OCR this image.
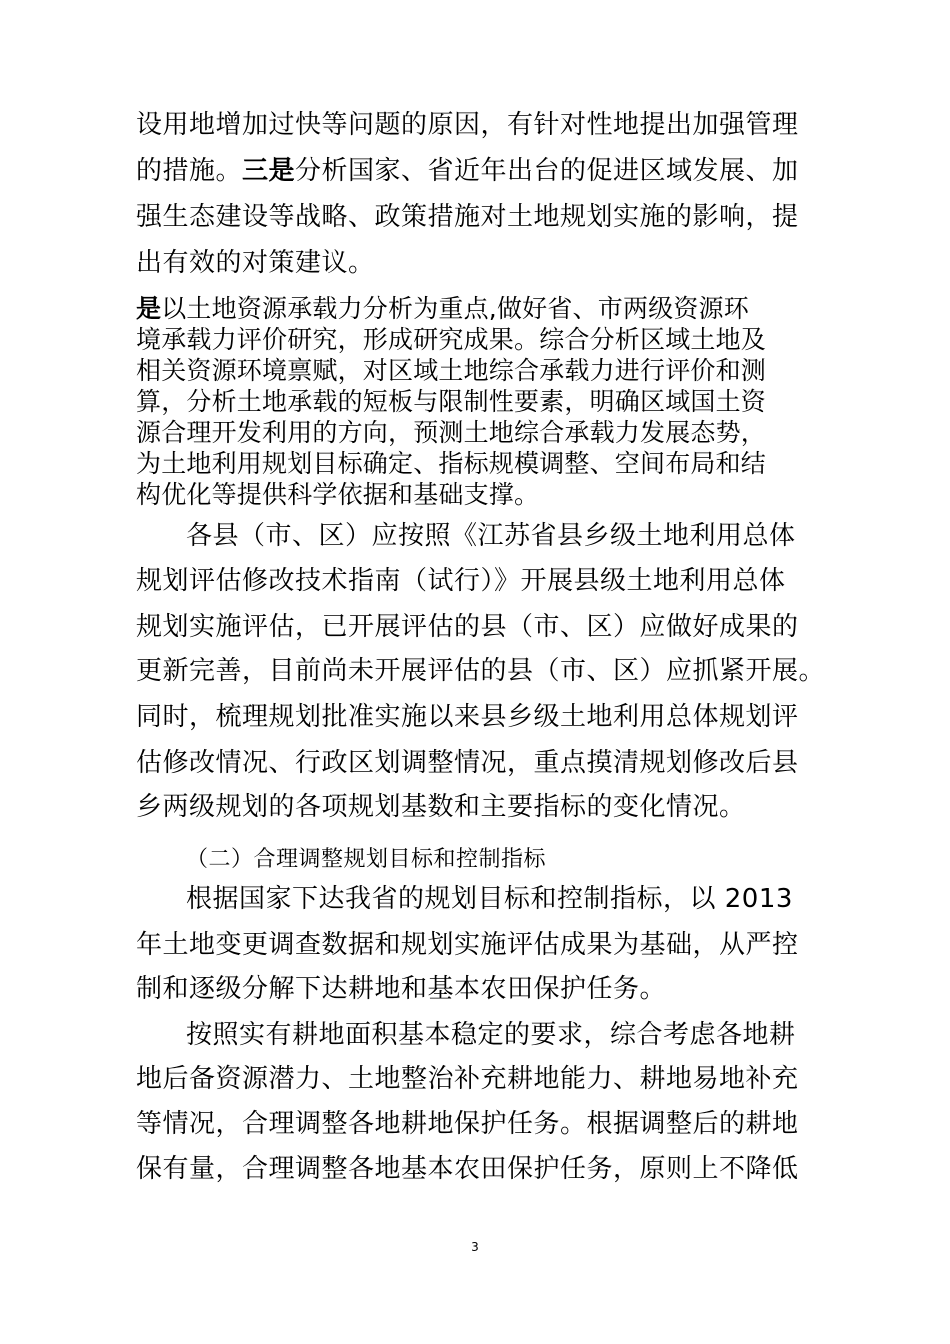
设用地增加过快等问题的原因，有针对性地提出加强管理
的措施。三是分析国家、省近年出台的促进区域发展、加
强生态建设等战略、政策措施对土地规划实施的影响，提
出有效的对策建议。
是以土地资源承载力分析为重点,做好省、市两级资源环
境承载力评价研究，形成研究成果。综合分析区域土地及
相关资源环境禀赋，对区域土地综合承载力进行评价和测
算，分析土地承载的短板与限制性要素，明确区域国土资
源合理开发利用的方向，预测土地综合承载力发展态势，
为土地利用规划目标确定、指标规模调整、空间布局和结
构优化等提供科学依据和基础支撑。
各县（市、区）应按照《江苏省县乡级土地利用总体
规划评估修改技术指南（试行）》开展县级土地利用总体
规划实施评估，已开展评估的县（市、区）应做好成果的
更新完善，目前尚未开展评估的县（市、区）应抓紧开展。
同时，梳理规划批准实施以来县乡级土地利用总体规划评
估修改情况、行政区划调整情况，重点摸清规划修改后县
乡两级规划的各项规划基数和主要指标的变化情况。
（二）合理调整规划目标和控制指标
根据国家下达我省的规划目标和控制指标，以 2013
年土地变更调查数据和规划实施评估成果为基础，从严控
制和逐级分解下达耕地和基本农田保护任务。
按照实有耕地面积基本稳定的要求，综合考虑各地耕
地后备资源潜力、土地整治补充耕地能力、耕地易地补充
等情况，合理调整各地耕地保护任务。根据调整后的耕地
保有量，合理调整各地基本农田保护任务，原则上不降低
3
